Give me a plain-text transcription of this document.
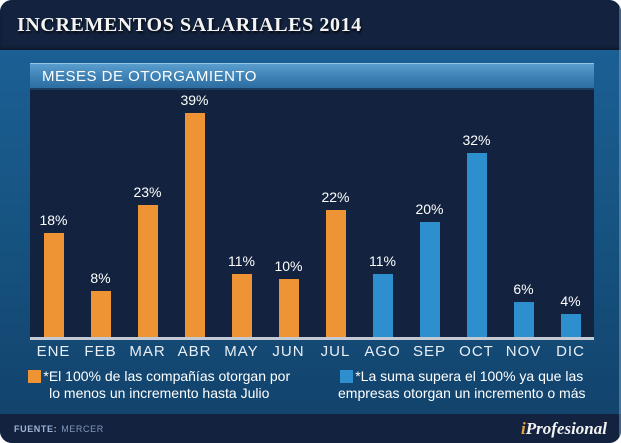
INCREMENTOS SALARIALES 2014
MESES DE OTORGAMIENTO
18%
8%
23%
39%
11% 10%
22%
11%
20%
32%
6%
4%
ENE FEB MAR ABR MAY JUN	JUL AGO SEP OCT NOV DIC
*El 100% de las compañías otorgan por
lo menos un incremento hasta Julio
*La suma supera el 100% ya que las
empresas otorgan un incremento o más
FUENTE: MERCER	iProfesional
